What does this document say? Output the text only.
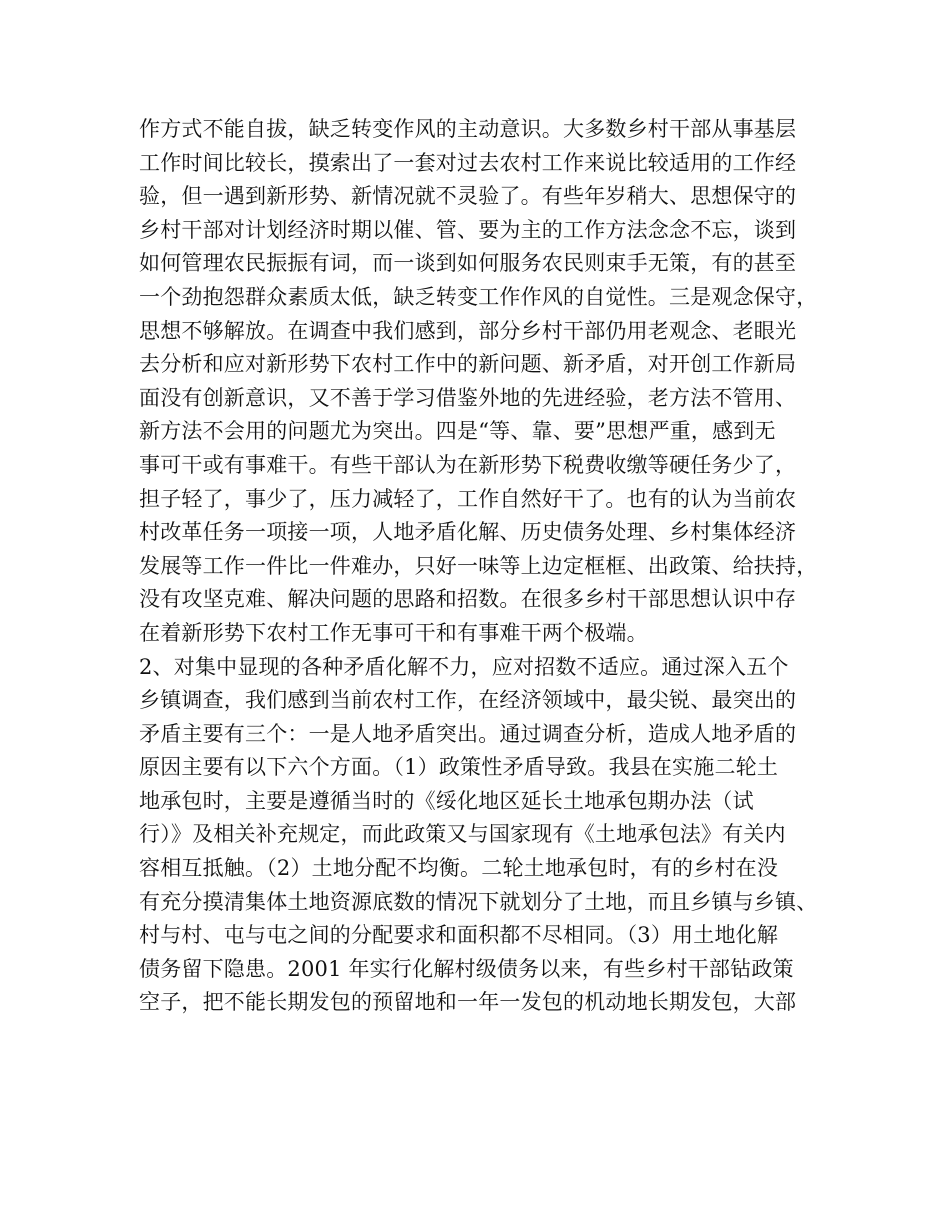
作方式不能自拔，缺乏转变作风的主动意识。大多数乡村干部从事基层
工作时间比较长，摸索出了一套对过去农村工作来说比较适用的工作经
验，但一遇到新形势、新情况就不灵验了。有些年岁稍大、思想保守的
乡村干部对计划经济时期以催、管、要为主的工作方法念念不忘，谈到
如何管理农民振振有词，而一谈到如何服务农民则束手无策，有的甚至
一个劲抱怨群众素质太低，缺乏转变工作作风的自觉性。三是观念保守，
思想不够解放。在调查中我们感到，部分乡村干部仍用老观念、老眼光
去分析和应对新形势下农村工作中的新问题、新矛盾，对开创工作新局
面没有创新意识，又不善于学习借鉴外地的先进经验，老方法不管用、
新方法不会用的问题尤为突出。四是“等、靠、要”思想严重，感到无
事可干或有事难干。有些干部认为在新形势下税费收缴等硬任务少了，
担子轻了，事少了，压力减轻了，工作自然好干了。也有的认为当前农
村改革任务一项接一项，人地矛盾化解、历史债务处理、乡村集体经济
发展等工作一件比一件难办，只好一味等上边定框框、出政策、给扶持，
没有攻坚克难、解决问题的思路和招数。在很多乡村干部思想认识中存
在着新形势下农村工作无事可干和有事难干两个极端。
2、对集中显现的各种矛盾化解不力，应对招数不适应。通过深入五个
乡镇调查，我们感到当前农村工作，在经济领域中，最尖锐、最突出的
矛盾主要有三个：一是人地矛盾突出。通过调查分析，造成人地矛盾的
原因主要有以下六个方面。（1）政策性矛盾导致。我县在实施二轮土
地承包时，主要是遵循当时的《绥化地区延长土地承包期办法（试
行）》及相关补充规定，而此政策又与国家现有《土地承包法》有关内
容相互抵触。（2）土地分配不均衡。二轮土地承包时，有的乡村在没
有充分摸清集体土地资源底数的情况下就划分了土地，而且乡镇与乡镇、
村与村、屯与屯之间的分配要求和面积都不尽相同。（3）用土地化解
债务留下隐患。2001 年实行化解村级债务以来，有些乡村干部钻政策
空子，把不能长期发包的预留地和一年一发包的机动地长期发包，大部
